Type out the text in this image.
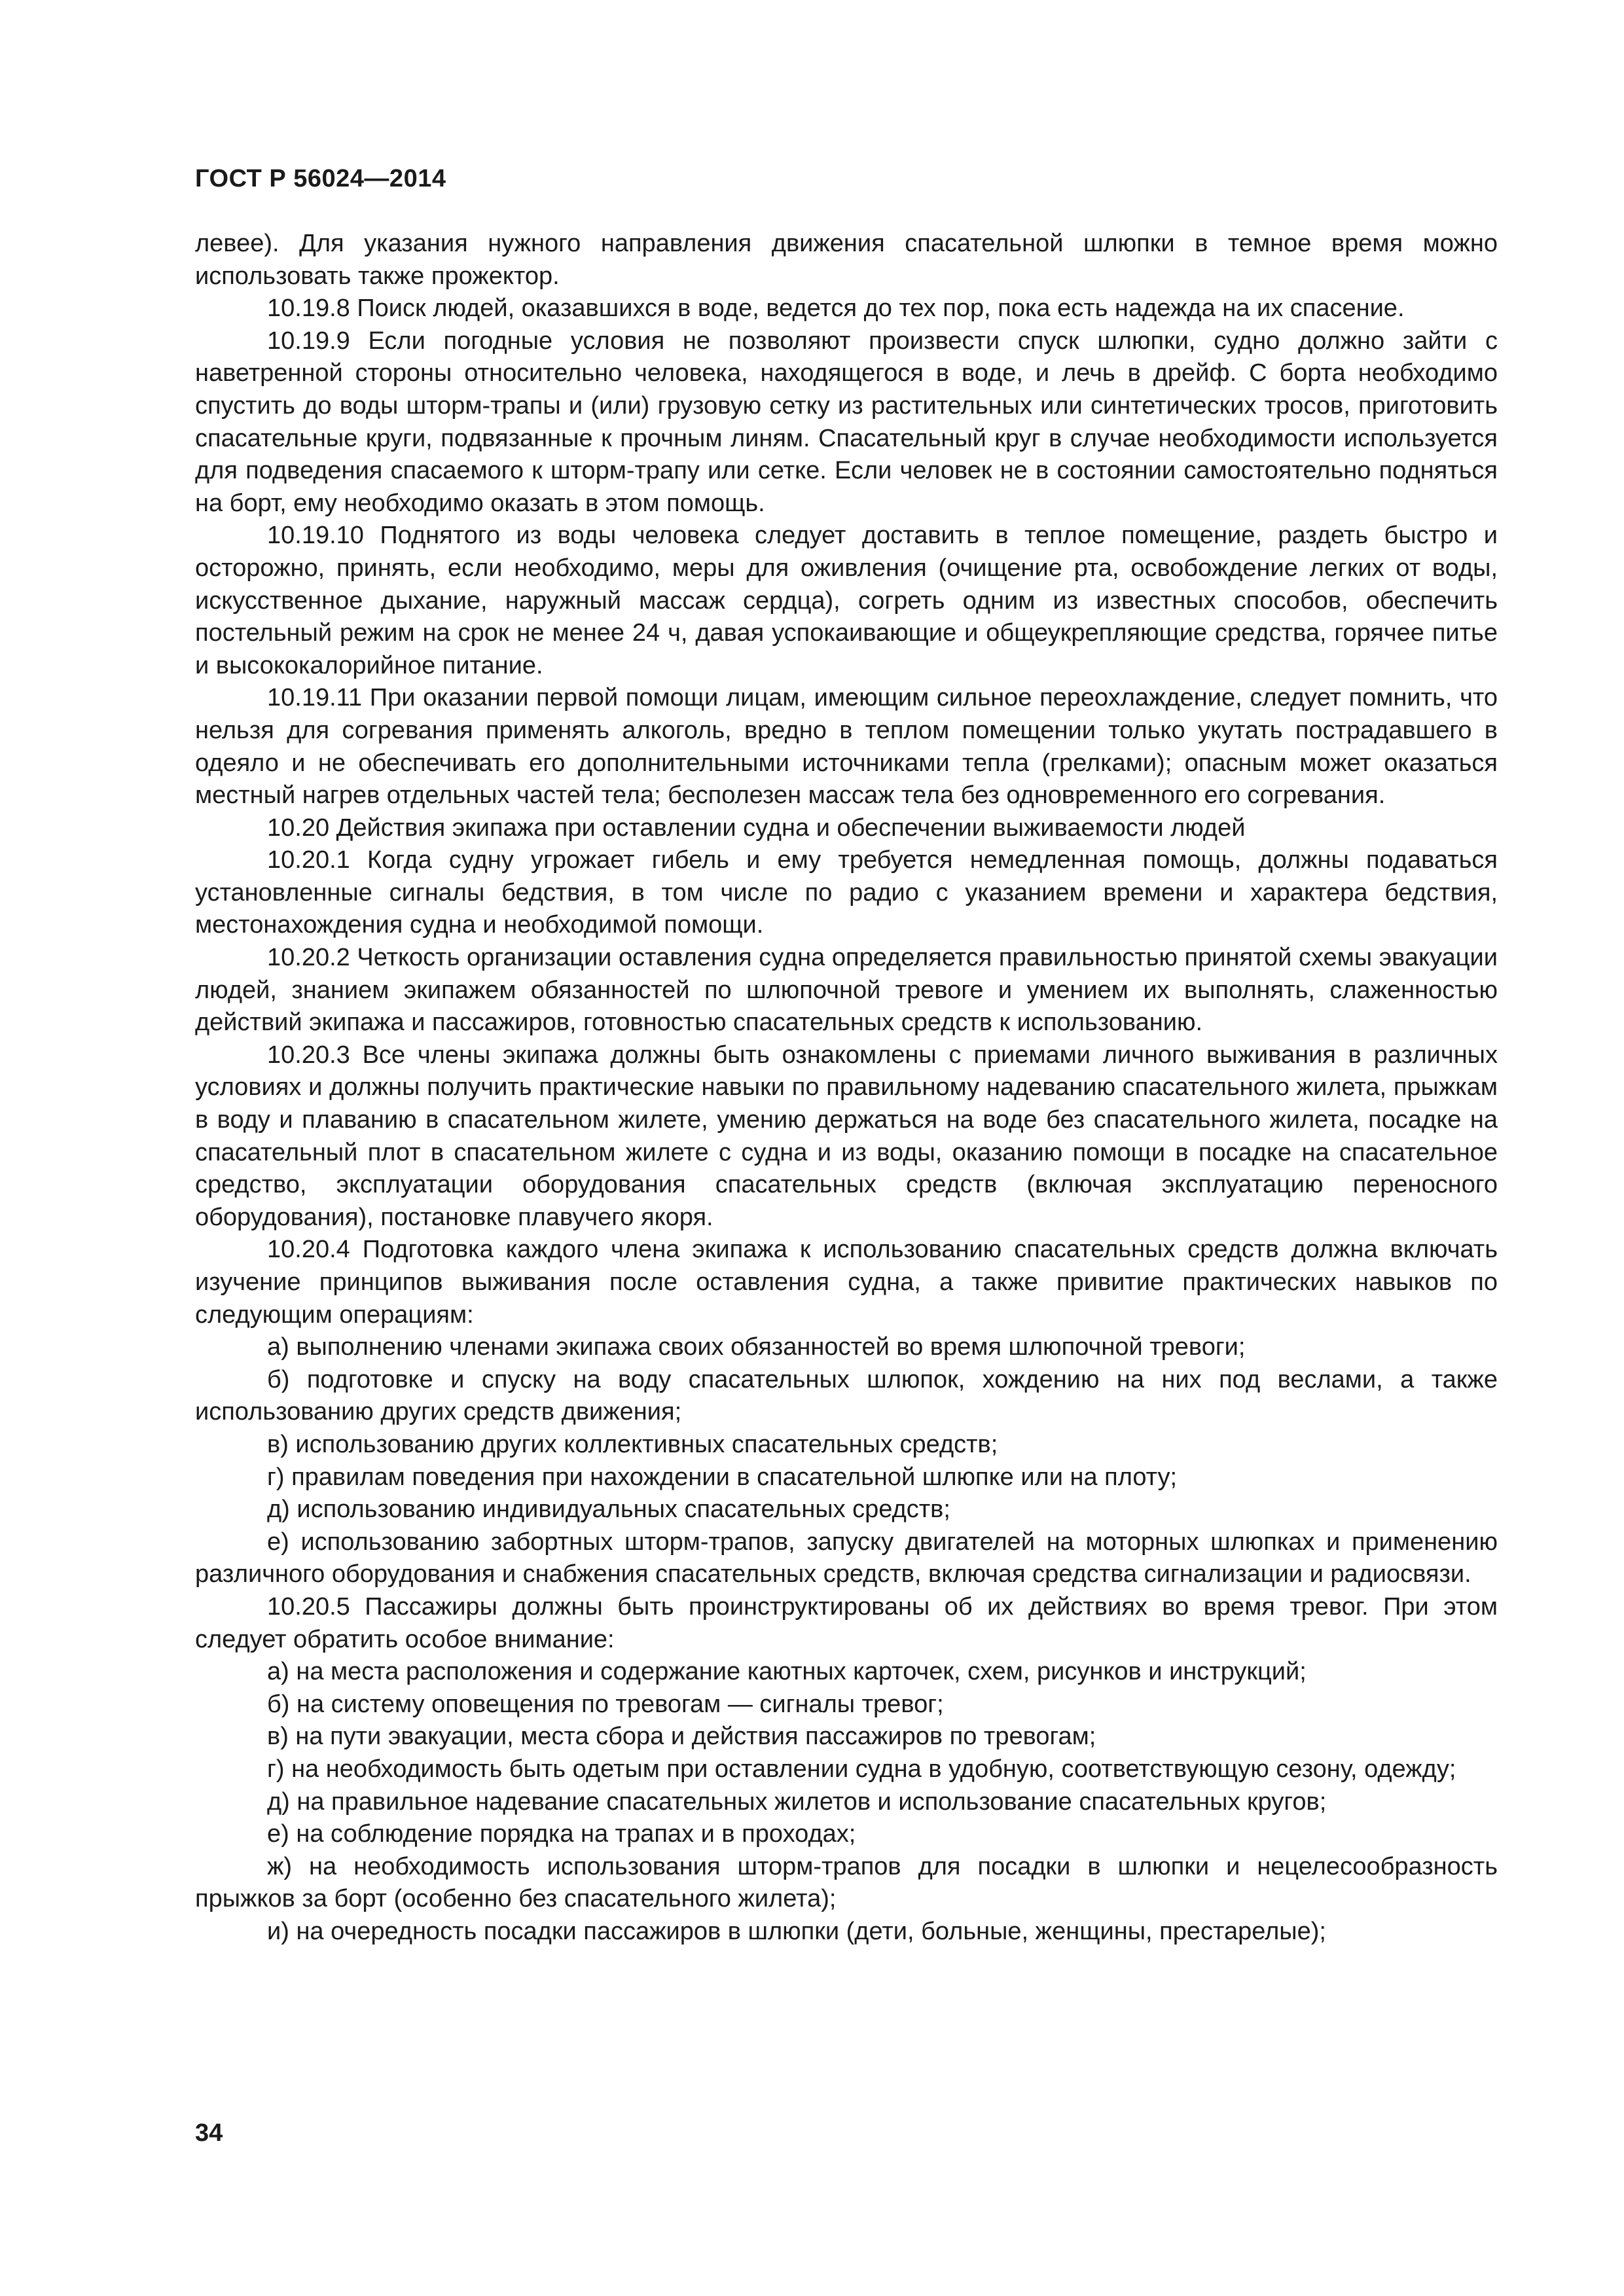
ГОСТ Р 56024—2014

левее). Для указания нужного направления движения спасательной шлюпки в темное время можно использовать также прожектор.

10.19.8 Поиск людей, оказавшихся в воде, ведется до тех пор, пока есть надежда на их спасение.

10.19.9 Если погодные условия не позволяют произвести спуск шлюпки, судно должно зайти с наветренной стороны относительно человека, находящегося в воде, и лечь в дрейф. С борта необходимо спустить до воды шторм-трапы и (или) грузовую сетку из растительных или синтетических тросов, приготовить спасательные круги, подвязанные к прочным линям. Спасательный круг в случае необходимости используется для подведения спасаемого к шторм-трапу или сетке. Если человек не в состоянии самостоятельно подняться на борт, ему необходимо оказать в этом помощь.

10.19.10 Поднятого из воды человека следует доставить в теплое помещение, раздеть быстро и осторожно, принять, если необходимо, меры для оживления (очищение рта, освобождение легких от воды, искусственное дыхание, наружный массаж сердца), согреть одним из известных способов, обеспечить постельный режим на срок не менее 24 ч, давая успокаивающие и общеукрепляющие средства, горячее питье и высококалорийное питание.

10.19.11 При оказании первой помощи лицам, имеющим сильное переохлаждение, следует помнить, что нельзя для согревания применять алкоголь, вредно в теплом помещении только укутать пострадавшего в одеяло и не обеспечивать его дополнительными источниками тепла (грелками); опасным может оказаться местный нагрев отдельных частей тела; бесполезен массаж тела без одновременного его согревания.

10.20 Действия экипажа при оставлении судна и обеспечении выживаемости людей

10.20.1 Когда судну угрожает гибель и ему требуется немедленная помощь, должны подаваться установленные сигналы бедствия, в том числе по радио с указанием времени и характера бедствия, местонахождения судна и необходимой помощи.

10.20.2 Четкость организации оставления судна определяется правильностью принятой схемы эвакуации людей, знанием экипажем обязанностей по шлюпочной тревоге и умением их выполнять, слаженностью действий экипажа и пассажиров, готовностью спасательных средств к использованию.

10.20.3 Все члены экипажа должны быть ознакомлены с приемами личного выживания в различных условиях и должны получить практические навыки по правильному надеванию спасательного жилета, прыжкам в воду и плаванию в спасательном жилете, умению держаться на воде без спасательного жилета, посадке на спасательный плот в спасательном жилете с судна и из воды, оказанию помощи в посадке на спасательное средство, эксплуатации оборудования спасательных средств (включая эксплуатацию переносного оборудования), постановке плавучего якоря.

10.20.4 Подготовка каждого члена экипажа к использованию спасательных средств должна включать изучение принципов выживания после оставления судна, а также привитие практических навыков по следующим операциям:

а) выполнению членами экипажа своих обязанностей во время шлюпочной тревоги;

б) подготовке и спуску на воду спасательных шлюпок, хождению на них под веслами, а также использованию других средств движения;

в) использованию других коллективных спасательных средств;

г) правилам поведения при нахождении в спасательной шлюпке или на плоту;

д) использованию индивидуальных спасательных средств;

е) использованию забортных шторм-трапов, запуску двигателей на моторных шлюпках и применению различного оборудования и снабжения спасательных средств, включая средства сигнализации и радиосвязи.

10.20.5 Пассажиры должны быть проинструктированы об их действиях во время тревог. При этом следует обратить особое внимание:

а) на места расположения и содержание каютных карточек, схем, рисунков и инструкций;

б) на систему оповещения по тревогам — сигналы тревог;

в) на пути эвакуации, места сбора и действия пассажиров по тревогам;

г) на необходимость быть одетым при оставлении судна в удобную, соответствующую сезону, одежду;

д) на правильное надевание спасательных жилетов и использование спасательных кругов;

е) на соблюдение порядка на трапах и в проходах;

ж) на необходимость использования шторм-трапов для посадки в шлюпки и нецелесообразность прыжков за борт (особенно без спасательного жилета);

и) на очередность посадки пассажиров в шлюпки (дети, больные, женщины, престарелые);

34
